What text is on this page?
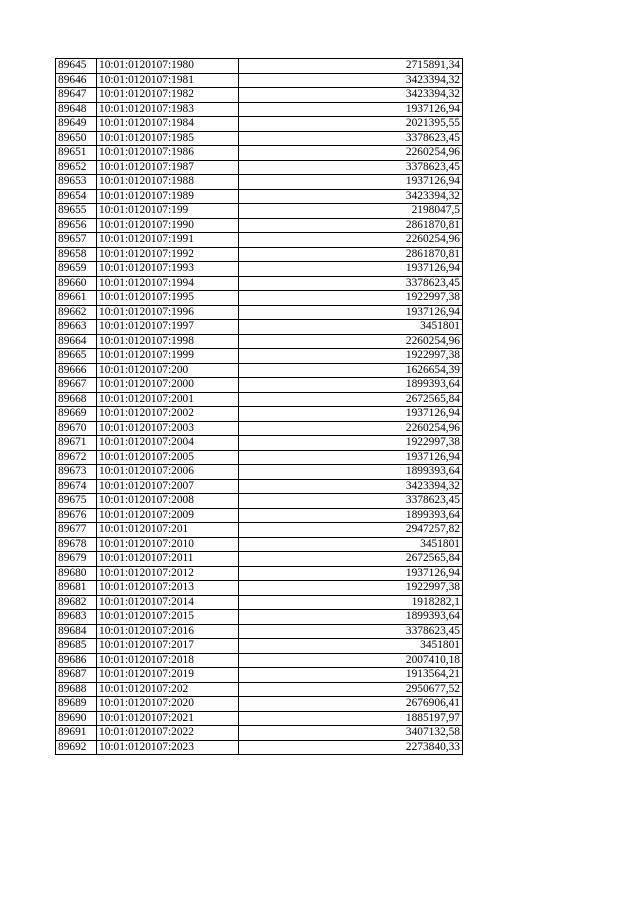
89645	10:01:0120107:1980	2715891,34
89646	10:01:0120107:1981	3423394,32
89647	10:01:0120107:1982	3423394,32
89648	10:01:0120107:1983	1937126,94
89649	10:01:0120107:1984	2021395,55
89650	10:01:0120107:1985	3378623,45
89651	10:01:0120107:1986	2260254,96
89652	10:01:0120107:1987	3378623,45
89653	10:01:0120107:1988	1937126,94
89654	10:01:0120107:1989	3423394,32
89655	10:01:0120107:199	2198047,5
89656	10:01:0120107:1990	2861870,81
89657	10:01:0120107:1991	2260254,96
89658	10:01:0120107:1992	2861870,81
89659	10:01:0120107:1993	1937126,94
89660	10:01:0120107:1994	3378623,45
89661	10:01:0120107:1995	1922997,38
89662	10:01:0120107:1996	1937126,94
89663	10:01:0120107:1997	3451801
89664	10:01:0120107:1998	2260254,96
89665	10:01:0120107:1999	1922997,38
89666	10:01:0120107:200	1626654,39
89667	10:01:0120107:2000	1899393,64
89668	10:01:0120107:2001	2672565,84
89669	10:01:0120107:2002	1937126,94
89670	10:01:0120107:2003	2260254,96
89671	10:01:0120107:2004	1922997,38
89672	10:01:0120107:2005	1937126,94
89673	10:01:0120107:2006	1899393,64
89674	10:01:0120107:2007	3423394,32
89675	10:01:0120107:2008	3378623,45
89676	10:01:0120107:2009	1899393,64
89677	10:01:0120107:201	2947257,82
89678	10:01:0120107:2010	3451801
89679	10:01:0120107:2011	2672565,84
89680	10:01:0120107:2012	1937126,94
89681	10:01:0120107:2013	1922997,38
89682	10:01:0120107:2014	1918282,1
89683	10:01:0120107:2015	1899393,64
89684	10:01:0120107:2016	3378623,45
89685	10:01:0120107:2017	3451801
89686	10:01:0120107:2018	2007410,18
89687	10:01:0120107:2019	1913564,21
89688	10:01:0120107:202	2950677,52
89689	10:01:0120107:2020	2676906,41
89690	10:01:0120107:2021	1885197,97
89691	10:01:0120107:2022	3407132,58
89692	10:01:0120107:2023	2273840,33
